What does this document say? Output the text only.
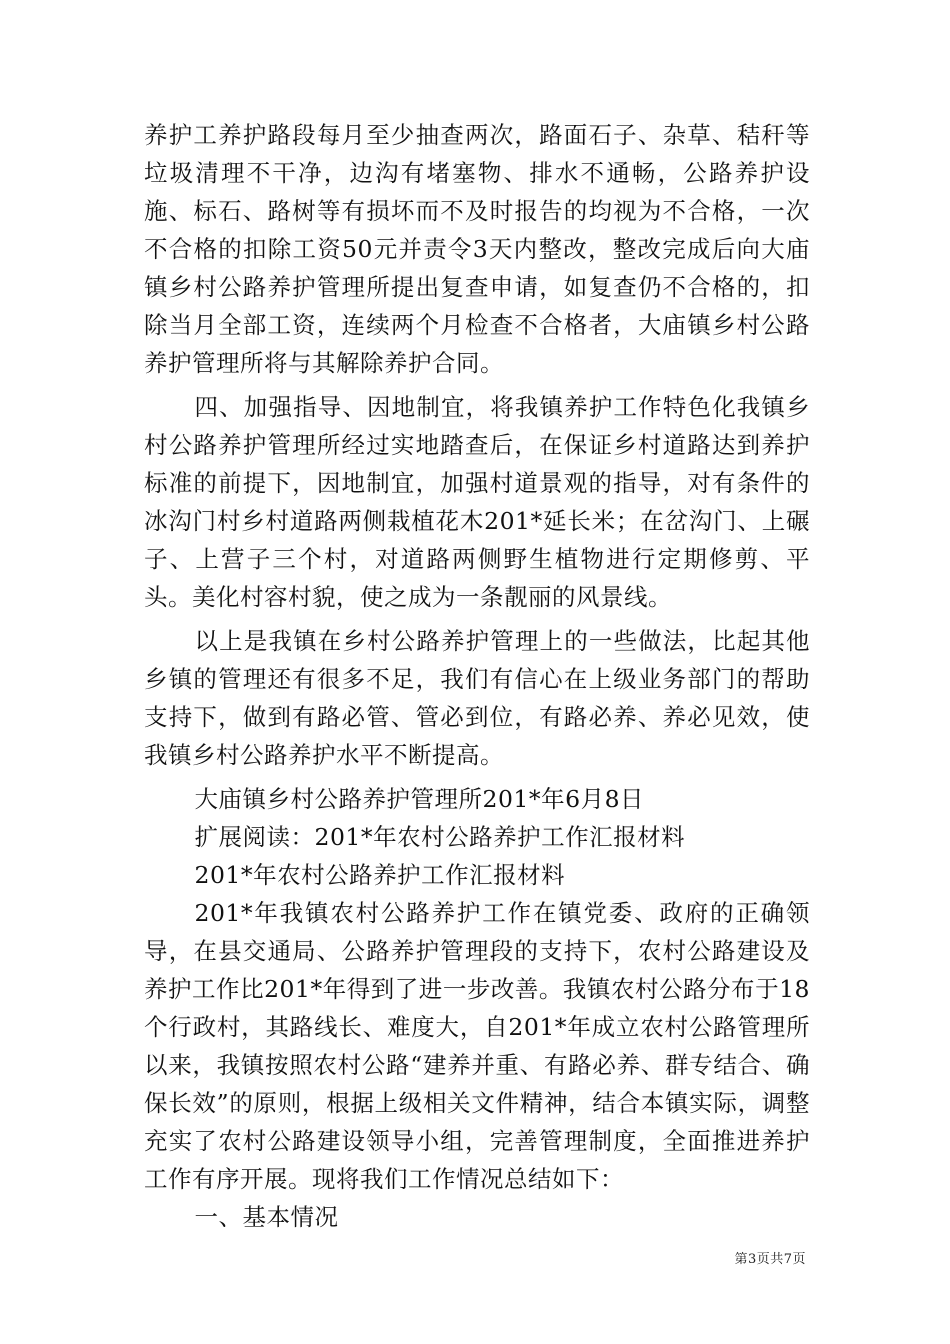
养护工养护路段每月至少抽查两次，路面石子、杂草、秸秆等垃圾清理不干净，边沟有堵塞物、排水不通畅，公路养护设施、标石、路树等有损坏而不及时报告的均视为不合格，一次不合格的扣除工资50元并责令3天内整改，整改完成后向大庙镇乡村公路养护管理所提出复查申请，如复查仍不合格的，扣除当月全部工资，连续两个月检查不合格者，大庙镇乡村公路养护管理所将与其解除养护合同。

四、加强指导、因地制宜，将我镇养护工作特色化我镇乡村公路养护管理所经过实地踏查后，在保证乡村道路达到养护标准的前提下，因地制宜，加强村道景观的指导，对有条件的冰沟门村乡村道路两侧栽植花木201*延长米；在岔沟门、上碾子、上营子三个村，对道路两侧野生植物进行定期修剪、平头。美化村容村貌，使之成为一条靓丽的风景线。

以上是我镇在乡村公路养护管理上的一些做法，比起其他乡镇的管理还有很多不足，我们有信心在上级业务部门的帮助支持下，做到有路必管、管必到位，有路必养、养必见效，使我镇乡村公路养护水平不断提高。

大庙镇乡村公路养护管理所201*年6月8日

扩展阅读：201*年农村公路养护工作汇报材料

201*年农村公路养护工作汇报材料

201*年我镇农村公路养护工作在镇党委、政府的正确领导，在县交通局、公路养护管理段的支持下，农村公路建设及养护工作比201*年得到了进一步改善。我镇农村公路分布于18个行政村，其路线长、难度大，自201*年成立农村公路管理所以来，我镇按照农村公路“建养并重、有路必养、群专结合、确保长效”的原则，根据上级相关文件精神，结合本镇实际，调整充实了农村公路建设领导小组，完善管理制度，全面推进养护工作有序开展。现将我们工作情况总结如下：

一、基本情况

第3页共7页
